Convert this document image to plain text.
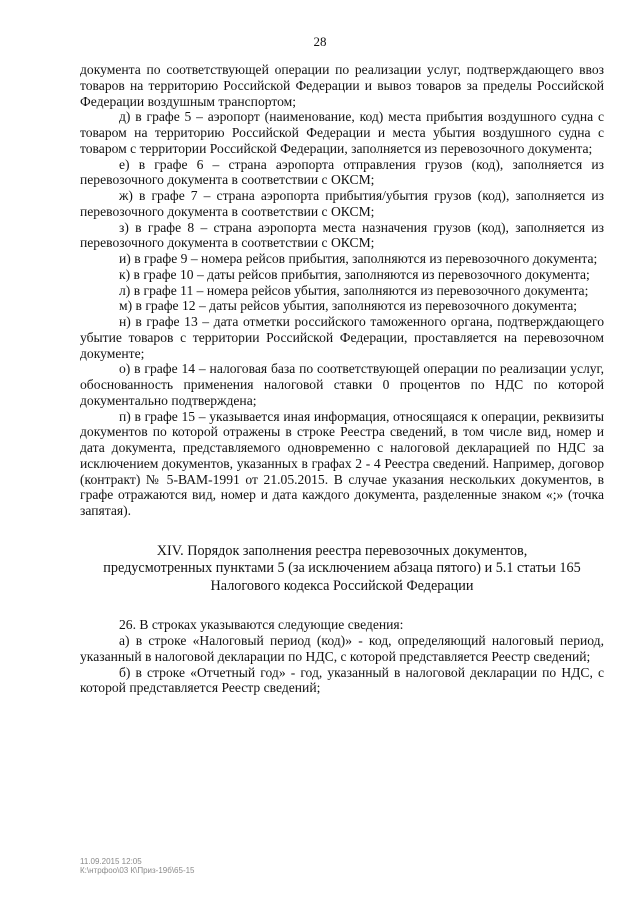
28

документа по соответствующей операции по реализации услуг, подтверждающего ввоз товаров на территорию Российской Федерации и вывоз товаров за пределы Российской Федерации воздушным транспортом;

д) в графе 5 – аэропорт (наименование, код) места прибытия воздушного судна с товаром на территорию Российской Федерации и места убытия воздушного судна с товаром с территории Российской Федерации, заполняется из перевозочного документа;

е) в графе 6 – страна аэропорта отправления грузов (код), заполняется из перевозочного документа в соответствии с ОКСМ;

ж) в графе 7 – страна аэропорта прибытия/убытия грузов (код), заполняется из перевозочного документа в соответствии с ОКСМ;

з) в графе 8 – страна аэропорта места назначения грузов (код), заполняется из перевозочного документа в соответствии с ОКСМ;

и) в графе 9 – номера рейсов прибытия, заполняются из перевозочного документа;

к) в графе 10 – даты рейсов прибытия, заполняются из перевозочного документа;

л) в графе 11 – номера рейсов убытия, заполняются из перевозочного документа;

м) в графе 12 – даты рейсов убытия, заполняются из перевозочного документа;

н) в графе 13 – дата отметки российского таможенного органа, подтверждающего убытие товаров с территории Российской Федерации, проставляется на перевозочном документе;

о) в графе 14 – налоговая база по соответствующей операции по реализации услуг, обоснованность применения налоговой ставки 0 процентов по НДС по которой документально подтверждена;

п) в графе 15 – указывается иная информация, относящаяся к операции, реквизиты документов по которой отражены в строке Реестра сведений, в том числе вид, номер и дата документа, представляемого одновременно с налоговой декларацией по НДС за исключением документов, указанных в графах 2 - 4 Реестра сведений. Например, договор (контракт) № 5-ВАМ-1991 от 21.05.2015. В случае указания нескольких документов, в графе отражаются вид, номер и дата каждого документа, разделенные знаком «;» (точка запятая).

XIV. Порядок заполнения реестра перевозочных документов,
предусмотренных пунктами 5 (за исключением абзаца пятого) и 5.1 статьи 165
Налогового кодекса Российской Федерации

26. В строках указываются следующие сведения:

а) в строке «Налоговый период (код)» - код, определяющий налоговый период, указанный в налоговой декларации по НДС, с которой представляется Реестр сведений;

б) в строке «Отчетный год» - год, указанный в налоговой декларации по НДС, с которой представляется Реестр сведений;

11.09.2015 12:05
К:\нтрфоо\03 К\Приз-19б\65-15
